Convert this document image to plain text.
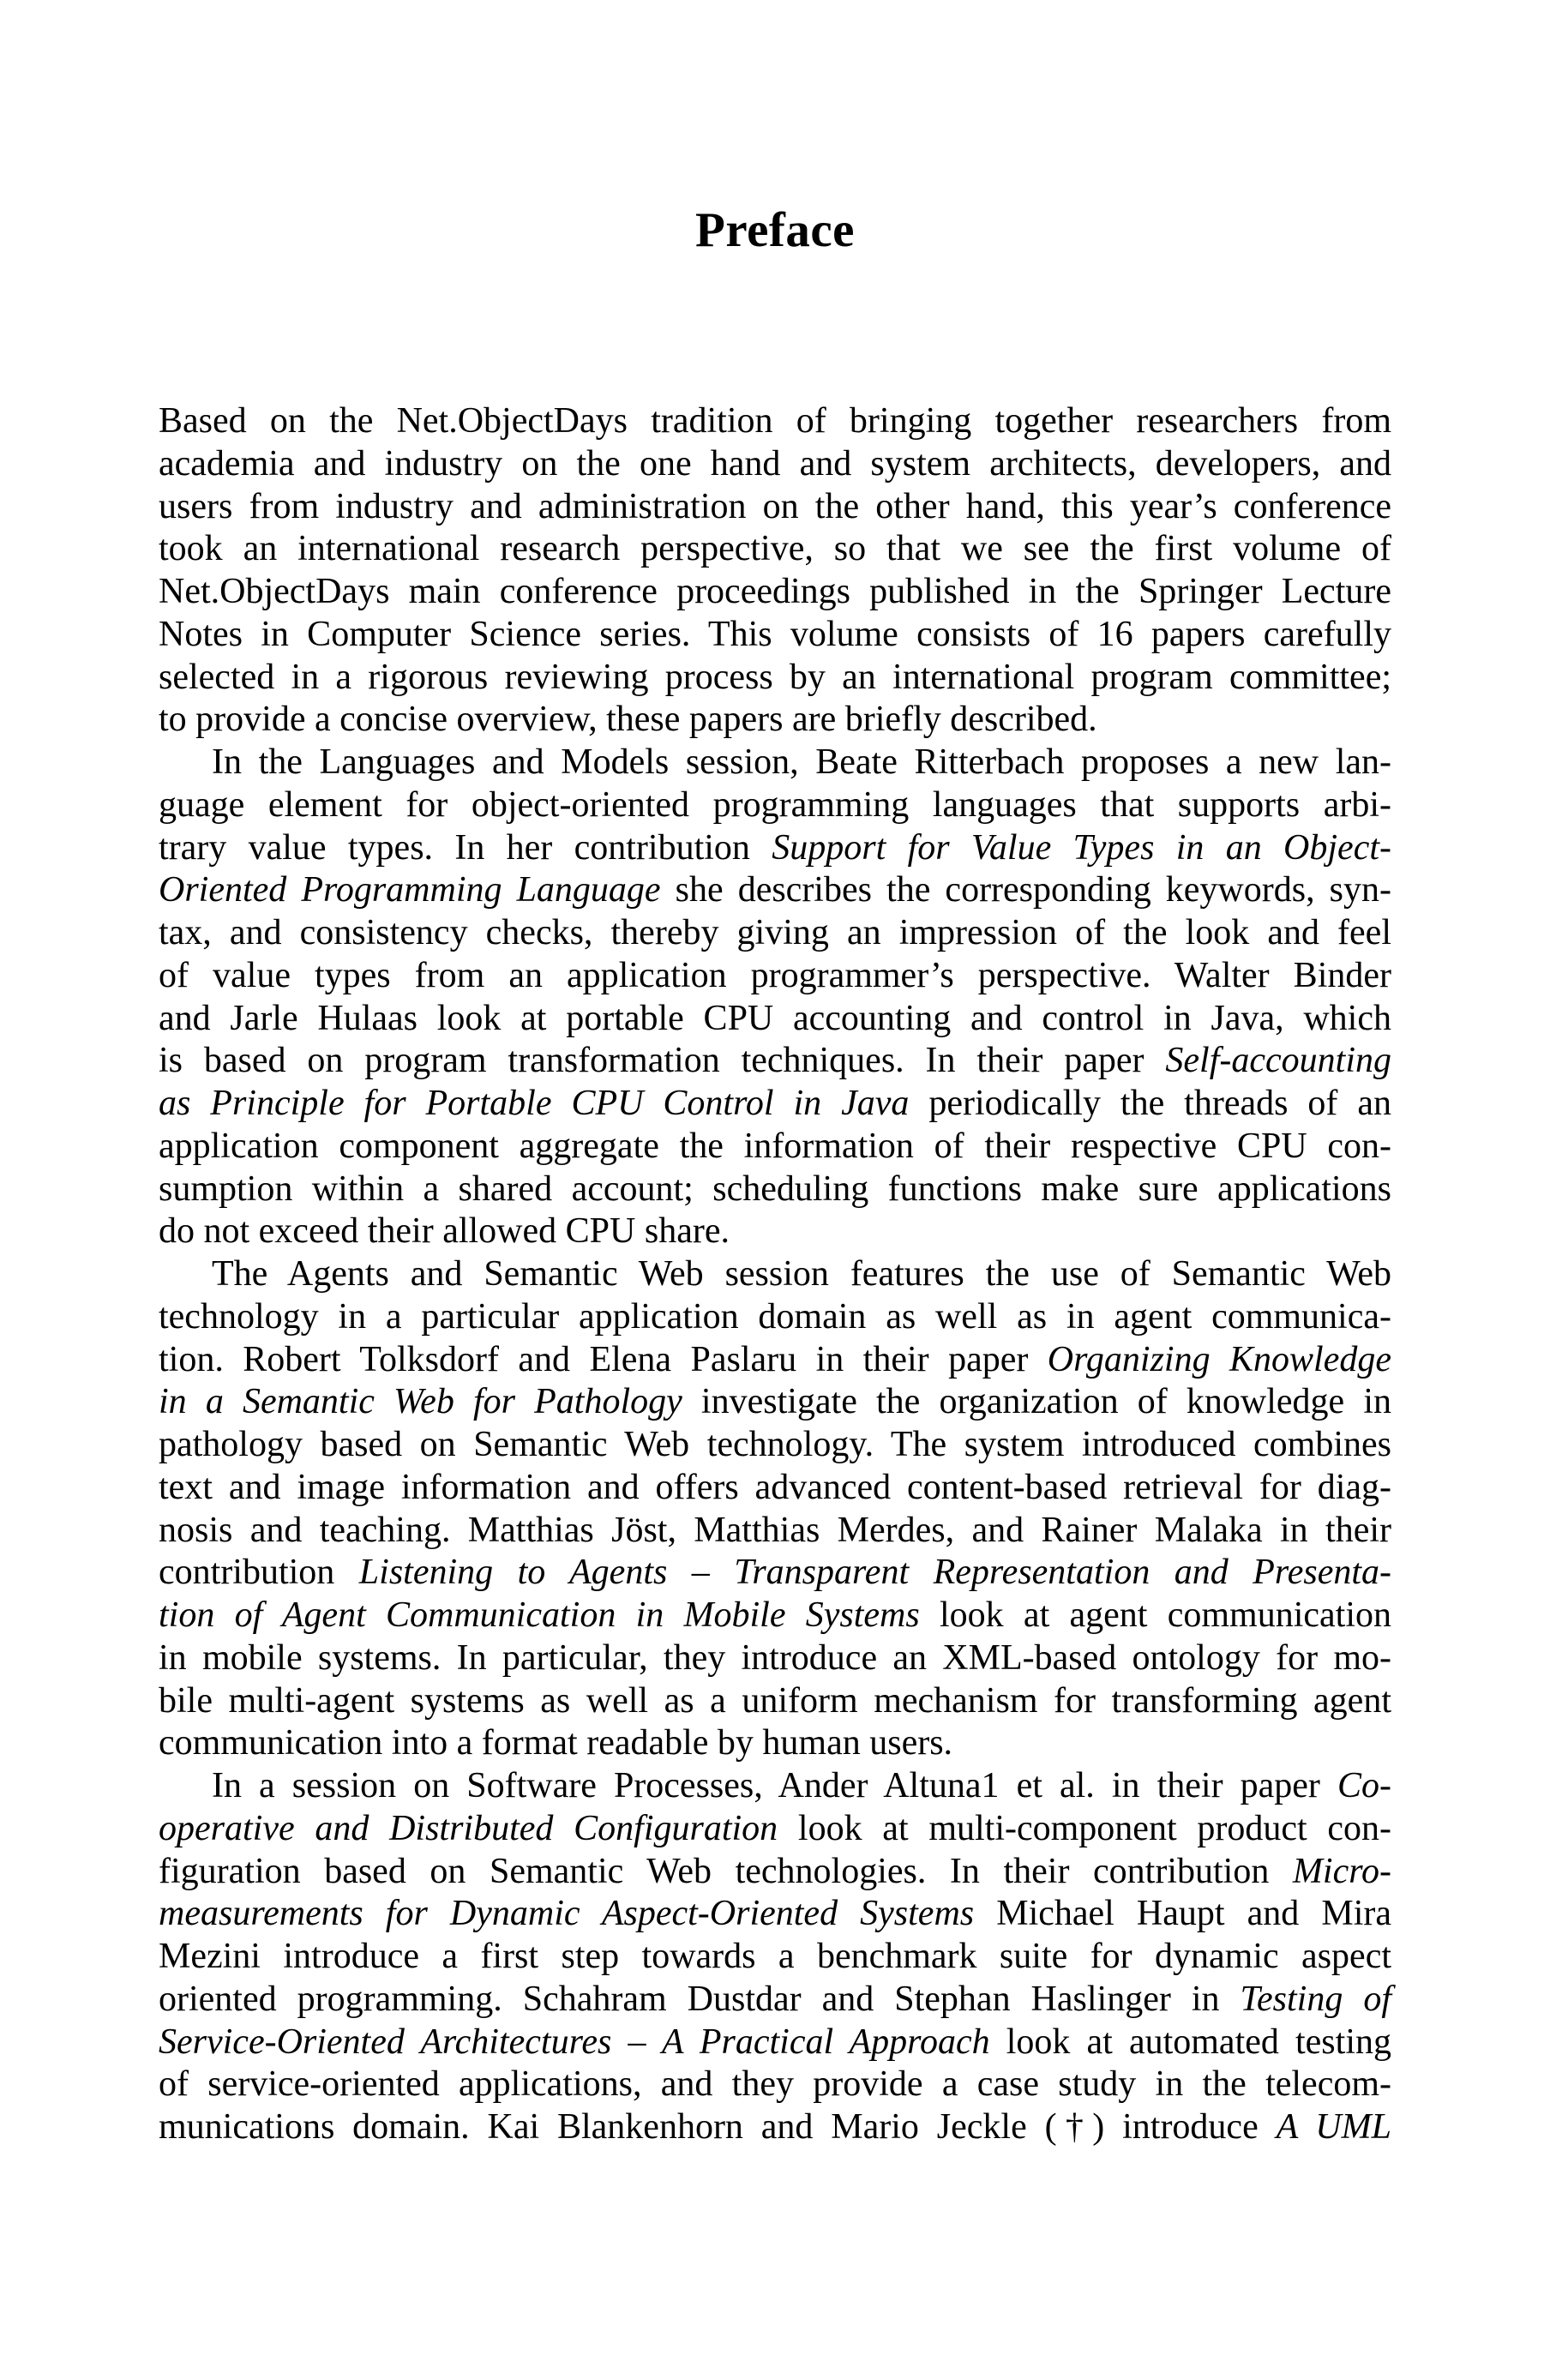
Preface
Based on the Net.ObjectDays tradition of bringing together researchers from
academia and industry on the one hand and system architects, developers, and
users from industry and administration on the other hand, this year’s conference
took an international research perspective, so that we see the first volume of
Net.ObjectDays main conference proceedings published in the Springer Lecture
Notes in Computer Science series. This volume consists of 16 papers carefully
selected in a rigorous reviewing process by an international program committee;
to provide a concise overview, these papers are briefly described.
In the Languages and Models session, Beate Ritterbach proposes a new lan-
guage element for object-oriented programming languages that supports arbi-
trary value types. In her contribution Support for Value Types in an Object-
Oriented Programming Language she describes the corresponding keywords, syn-
tax, and consistency checks, thereby giving an impression of the look and feel
of value types from an application programmer’s perspective. Walter Binder
and Jarle Hulaas look at portable CPU accounting and control in Java, which
is based on program transformation techniques. In their paper Self-accounting
as Principle for Portable CPU Control in Java periodically the threads of an
application component aggregate the information of their respective CPU con-
sumption within a shared account; scheduling functions make sure applications
do not exceed their allowed CPU share.
The Agents and Semantic Web session features the use of Semantic Web
technology in a particular application domain as well as in agent communica-
tion. Robert Tolksdorf and Elena Paslaru in their paper Organizing Knowledge
in a Semantic Web for Pathology investigate the organization of knowledge in
pathology based on Semantic Web technology. The system introduced combines
text and image information and offers advanced content-based retrieval for diag-
nosis and teaching. Matthias Jöst, Matthias Merdes, and Rainer Malaka in their
contribution Listening to Agents – Transparent Representation and Presenta-
tion of Agent Communication in Mobile Systems look at agent communication
in mobile systems. In particular, they introduce an XML-based ontology for mo-
bile multi-agent systems as well as a uniform mechanism for transforming agent
communication into a format readable by human users.
In a session on Software Processes, Ander Altuna1 et al. in their paper Co-
operative and Distributed Configuration look at multi-component product con-
figuration based on Semantic Web technologies. In their contribution Micro-
measurements for Dynamic Aspect-Oriented Systems Michael Haupt and Mira
Mezini introduce a first step towards a benchmark suite for dynamic aspect
oriented programming. Schahram Dustdar and Stephan Haslinger in Testing of
Service-Oriented Architectures – A Practical Approach look at automated testing
of service-oriented applications, and they provide a case study in the telecom-
munications domain. Kai Blankenhorn and Mario Jeckle (†) introduce A UML
